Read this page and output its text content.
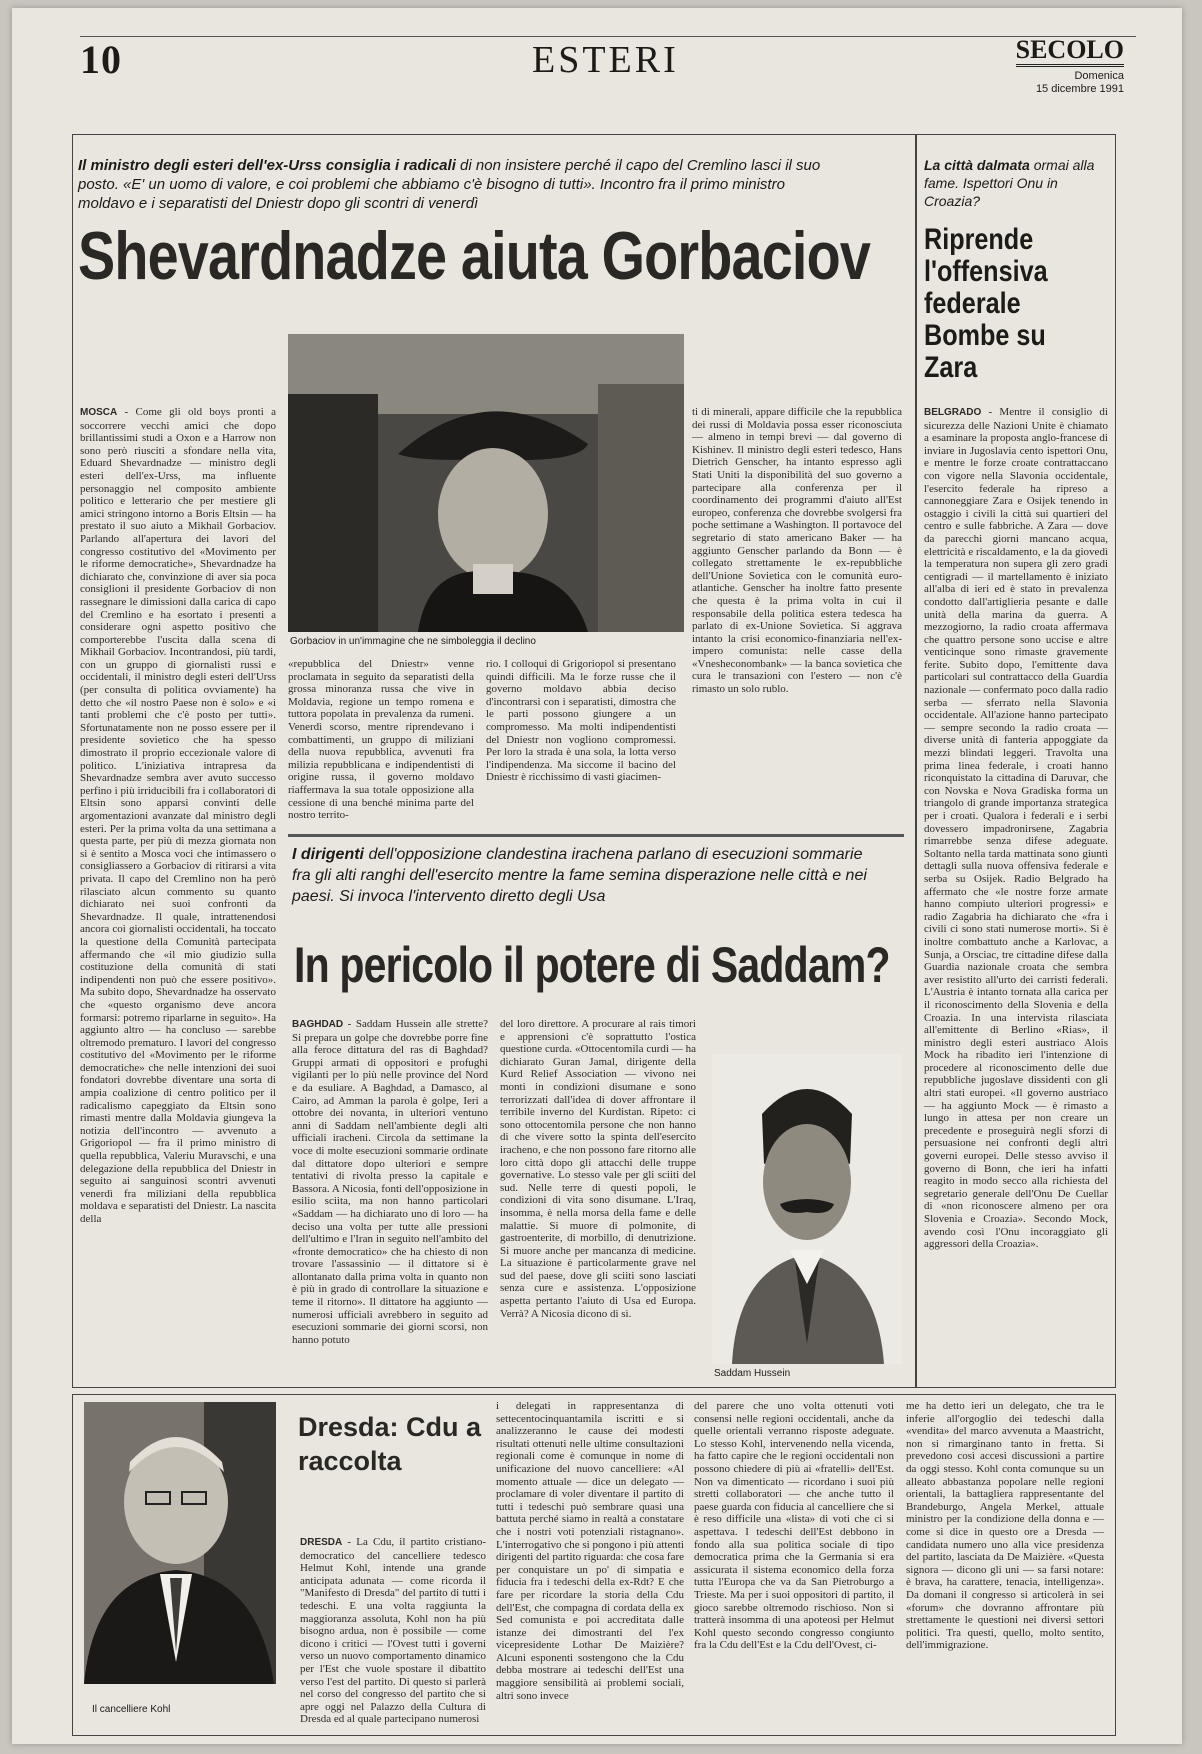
10	ESTERI	SECOLO
Domenica
15 dicembre 1991
Il ministro degli esteri dell'ex-Urss consiglia i radicali di non insistere perché il capo del Cremlino lasci il suo posto. «E' un uomo di valore, e coi problemi che abbiamo c'è bisogno di tutti». Incontro fra il primo ministro moldavo e i separatisti del Dniestr dopo gli scontri di venerdì
Shevardnadze aiuta Gorbaciov
Gorbaciov in un'immagine che ne simboleggia il declino
MOSCA - Come gli old boys pronti a soccorrere vecchi amici che dopo brillantissimi studi a Oxon e a Harrow non sono però riusciti a sfondare nella vita, Eduard Shevardnadze — ministro degli esteri dell'ex-Urss, ma influente personaggio nel composito ambiente politico e letterario che per mestiere gli amici stringono intorno a Boris Eltsin — ha prestato il suo aiuto a Mikhail Gorbaciov. Parlando all'apertura dei lavori del congresso costitutivo del «Movimento per le riforme democratiche», Shevardnadze ha dichiarato che, convinzione di aver sia poca consiglioni il presidente Gorbaciov di non rassegnare le dimissioni dalla carica di capo del Cremlino e ha esortato i presenti a considerare ogni aspetto positivo che comporterebbe l'uscita dalla scena di Mikhail Gorbaciov. Incontrandosi, più tardi, con un gruppo di giornalisti russi e occidentali, il ministro degli esteri dell'Urss (per consulta di politica ovviamente) ha detto che «il nostro Paese non è solo» e «i tanti problemi che c'è posto per tutti». Sfortunatamente non ne posso essere per il presidente sovietico che ha spesso dimostrato il proprio eccezionale valore di politico. L'iniziativa intrapresa da Shevardnadze sembra aver avuto successo perfino i più irriducibili fra i collaboratori di Eltsin sono apparsi convinti delle argomentazioni avanzate dal ministro degli esteri. Per la prima volta da una settimana a questa parte, per più di mezza giornata non si è sentito a Mosca voci che intimassero o consigliassero a Gorbaciov di ritirarsi a vita privata. Il capo del Cremlino non ha però rilasciato alcun commento su quanto dichiarato nei suoi confronti da Shevardnadze. Il quale, intrattenendosi ancora coi giornalisti occidentali, ha toccato la questione della Comunità partecipata affermando che «il mio giudizio sulla costituzione della comunità di stati indipendenti non può che essere positivo». Ma subito dopo, Shevardnadze ha osservato che «questo organismo deve ancora formarsi: potremo riparlarne in seguito». Ha aggiunto altro — ha concluso — sarebbe oltremodo prematuro. I lavori del congresso costitutivo del «Movimento per le riforme democratiche» che nelle intenzioni dei suoi fondatori dovrebbe diventare una sorta di ampia coalizione di centro politico per il radicalismo capeggiato da Eltsin sono rimasti mentre dalla Moldavia giungeva la notizia dell'incontro — avvenuto a Grigoriopol — fra il primo ministro di quella repubblica, Valeriu Muravschi, e una delegazione della repubblica del Dniestr in seguito ai sanguinosi scontri avvenuti venerdì fra miliziani della repubblica moldava e separatisti del Dniestr. La nascita della
«repubblica del Dniestr» venne proclamata in seguito da separatisti della grossa minoranza russa che vive in Moldavia, regione un tempo romena e tuttora popolata in prevalenza da rumeni. Venerdì scorso, mentre riprendevano i combattimenti, un gruppo di miliziani della nuova repubblica, avvenuti fra milizia repubblicana e indipendentisti di origine russa, il governo moldavo riaffermava la sua totale opposizione alla cessione di una benché minima parte del nostro territo-
rio. I colloqui di Grigoriopol si presentano quindi difficili. Ma le forze russe che il governo moldavo abbia deciso d'incontrarsi con i separatisti, dimostra che le parti possono giungere a un compromesso. Ma molti indipendentisti del Dniestr non vogliono compromessi. Per loro la strada è una sola, la lotta verso l'indipendenza. Ma siccome il bacino del Dniestr è ricchissimo di vasti giacimen-
ti di minerali, appare difficile che la repubblica dei russi di Moldavia possa esser riconosciuta — almeno in tempi brevi — dal governo di Kishinev. Il ministro degli esteri tedesco, Hans Dietrich Genscher, ha intanto espresso agli Stati Uniti la disponibilità del suo governo a partecipare alla conferenza per il coordinamento dei programmi d'aiuto all'Est europeo, conferenza che dovrebbe svolgersi fra poche settimane a Washington. Il portavoce del segretario di stato americano Baker — ha aggiunto Genscher parlando da Bonn — è collegato strettamente le ex-repubbliche dell'Unione Sovietica con le comunità euro-atlantiche. Genscher ha inoltre fatto presente che questa è la prima volta in cui il responsabile della politica estera tedesca ha parlato di ex-Unione Sovietica. Si aggrava intanto la crisi economico-finanziaria nell'ex-impero comunista: nelle casse della «Vnesheconombank» — la banca sovietica che cura le transazioni con l'estero — non c'è rimasto un solo rublo.
I dirigenti dell'opposizione clandestina irachena parlano di esecuzioni sommarie fra gli alti ranghi dell'esercito mentre la fame semina disperazione nelle città e nei paesi. Si invoca l'intervento diretto degli Usa
In pericolo il potere di Saddam?
BAGHDAD - Saddam Hussein alle strette? Si prepara un golpe che dovrebbe porre fine alla feroce dittatura del ras di Baghdad? Gruppi armati di oppositori e profughi vigilanti per lo più nelle province del Nord e da esuliare. A Baghdad, a Damasco, al Cairo, ad Amman la parola è golpe, Ieri a ottobre dei novanta, in ulteriori ventuno anni di Saddam nell'ambiente degli alti ufficiali iracheni. Circola da settimane la voce di molte esecuzioni sommarie ordinate dal dittatore dopo ulteriori e sempre tentativi di rivolta presso la capitale e Bassora. A Nicosia, fonti dell'opposizione in esilio sciita, ma non hanno particolari «Saddam — ha dichiarato uno di loro — ha deciso una volta per tutte alle pressioni dell'ultimo e l'Iran in seguito nell'ambito del «fronte democratico» che ha chiesto di non trovare l'assassinio — il dittatore si è allontanato dalla prima volta in quanto non è più in grado di controllare la situazione e teme il ritorno». Il dittatore ha aggiunto — numerosi ufficiali avrebbero in seguito ad esecuzioni sommarie dei giorni scorsi, non hanno potuto
del loro direttore. A procurare al raìs timori e apprensioni c'è soprattutto l'ostica questione curda. «Ottocentomila curdi — ha dichiarato Guran Jamal, dirigente della Kurd Relief Association — vivono nei monti in condizioni disumane e sono terrorizzati dall'idea di dover affrontare il terribile inverno del Kurdistan. Ripeto: ci sono ottocentomila persone che non hanno di che vivere sotto la spinta dell'esercito iracheno, e che non possono fare ritorno alle loro città dopo gli attacchi delle truppe governative. Lo stesso vale per gli sciiti del sud. Nelle terre di questi popoli, le condizioni di vita sono disumane. L'Iraq, insomma, è nella morsa della fame e delle malattie. Si muore di polmonite, di gastroenterite, di morbillo, di denutrizione. Si muore anche per mancanza di medicine. La situazione è particolarmente grave nel sud del paese, dove gli sciiti sono lasciati senza cure e assistenza. L'opposizione aspetta pertanto l'aiuto di Usa ed Europa. Verrà? A Nicosia dicono di sì.
Saddam Hussein
La città dalmata ormai alla fame. Ispettori Onu in Croazia?
Riprende l'offensiva federale Bombe su Zara
BELGRADO - Mentre il consiglio di sicurezza delle Nazioni Unite è chiamato a esaminare la proposta anglo-francese di inviare in Jugoslavia cento ispettori Onu, e mentre le forze croate contrattaccano con vigore nella Slavonia occidentale, l'esercito federale ha ripreso a cannoneggiare Zara e Osijek tenendo in ostaggio i civili la città sui quartieri del centro e sulle fabbriche. A Zara — dove da parecchi giorni mancano acqua, elettricità e riscaldamento, e la da giovedì la temperatura non supera gli zero gradi centigradi — il martellamento è iniziato all'alba di ieri ed è stato in prevalenza condotto dall'artiglieria pesante e dalle unità della marina da guerra. A mezzogiorno, la radio croata affermava che quattro persone sono uccise e altre venticinque sono rimaste gravemente ferite. Subito dopo, l'emittente dava particolari sul contrattacco della Guardia nazionale — confermato poco dalla radio serba — sferrato nella Slavonia occidentale. All'azione hanno partecipato — sempre secondo la radio croata — diverse unità di fanteria appoggiate da mezzi blindati leggeri. Travolta una prima linea federale, i croati hanno riconquistato la cittadina di Daruvar, che con Novska e Nova Gradiska forma un triangolo di grande importanza strategica per i croati. Qualora i federali e i serbi dovessero impadronirsene, Zagabria rimarrebbe senza difese adeguate. Soltanto nella tarda mattinata sono giunti dettagli sulla nuova offensiva federale e serba su Osijek. Radio Belgrado ha affermato che «le nostre forze armate hanno compiuto ulteriori progressi» e radio Zagabria ha dichiarato che «fra i civili ci sono stati numerose morti». Si è inoltre combattuto anche a Karlovac, a Sunja, a Orsciac, tre cittadine difese dalla Guardia nazionale croata che sembra aver resistito all'urto dei carristi federali. L'Austria è intanto tornata alla carica per il riconoscimento della Slovenia e della Croazia. In una intervista rilasciata all'emittente di Berlino «Rias», il ministro degli esteri austriaco Alois Mock ha ribadito ieri l'intenzione di procedere al riconoscimento delle due repubbliche jugoslave dissidenti con gli altri stati europei. «Il governo austriaco — ha aggiunto Mock — è rimasto a lungo in attesa per non creare un precedente e proseguirà negli sforzi di persuasione nei confronti degli altri governi europei. Delle stesso avviso il governo di Bonn, che ieri ha infatti reagito in modo secco alla richiesta del segretario generale dell'Onu De Cuellar di «non riconoscere almeno per ora Slovenia e Croazia». Secondo Mock, avendo così l'Onu incoraggiato gli aggressori della Croazia».
Il cancelliere Kohl
Dresda: Cdu a raccolta
DRESDA - La Cdu, il partito cristiano-democratico del cancelliere tedesco Helmut Kohl, intende una grande anticipata adunata — come ricorda il "Manifesto di Dresda" del partito di tutti i tedeschi. E una volta raggiunta la maggioranza assoluta, Kohl non ha più bisogno ardua, non è possibile — come dicono i critici — l'Ovest tutti i governi verso un nuovo comportamento dinamico per l'Est che vuole spostare il dibattito verso l'est del partito. Di questo si parlerà nel corso del congresso del partito che si apre oggi nel Palazzo della Cultura di Dresda ed al quale partecipano numerosi
i delegati in rappresentanza di settecentocinquantamila iscritti e si analizzeranno le cause dei modesti risultati ottenuti nelle ultime consultazioni regionali come è comunque in nome di unificazione del nuovo cancelliere: «Al momento attuale — dice un delegato — proclamare di voler diventare il partito di tutti i tedeschi può sembrare quasi una battuta perché siamo in realtà a constatare che i nostri voti potenziali ristagnano». L'interrogativo che si pongono i più attenti dirigenti del partito riguarda: che cosa fare per conquistare un po' di simpatia e fiducia fra i tedeschi della ex-Rdt? E che fare per ricordare la storia della Cdu dell'Est, che compagna di cordata della ex Sed comunista e poi accreditata dalle istanze dei dimostranti del l'ex vicepresidente Lothar De Maizière? Alcuni esponenti sostengono che la Cdu debba mostrare ai tedeschi dell'Est una maggiore sensibilità ai problemi sociali, altri sono invece
del parere che uno volta ottenuti voti consensi nelle regioni occidentali, anche da quelle orientali verranno risposte adeguate. Lo stesso Kohl, intervenendo nella vicenda, ha fatto capire che le regioni occidentali non possono chiedere di più ai «fratelli» dell'Est. Non va dimenticato — ricordano i suoi più stretti collaboratori — che anche tutto il paese guarda con fiducia al cancelliere che si è reso difficile una «lista» di voti che ci si aspettava. I tedeschi dell'Est debbono in fondo alla sua politica sociale di tipo democratica prima che la Germania si era assicurata il sistema economico della forza tutta l'Europa che va da San Pietroburgo a Trieste. Ma per i suoi oppositori di partito, il gioco sarebbe oltremodo rischioso. Non si tratterà insomma di una apoteosi per Helmut Kohl questo secondo congresso congiunto fra la Cdu dell'Est e la Cdu dell'Ovest, ci-
me ha detto ieri un delegato, che tra le inferie all'orgoglio dei tedeschi dalla «vendita» del marco avvenuta a Maastricht, non si rimarginano tanto in fretta. Si prevedono così accesi discussioni a partire da oggi stesso. Kohl conta comunque su un alleato abbastanza popolare nelle regioni orientali, la battagliera rappresentante del Brandeburgo, Angela Merkel, attuale ministro per la condizione della donna e — come si dice in questo ore a Dresda — candidata numero uno alla vice presidenza del partito, lasciata da De Maizière. «Questa signora — dicono gli uni — sa farsi notare: è brava, ha carattere, tenacia, intelligenza». Da domani il congresso si articolerà in sei «forum» che dovranno affrontare più strettamente le questioni nei diversi settori politici. Tra questi, quello, molto sentito, dell'immigrazione.
